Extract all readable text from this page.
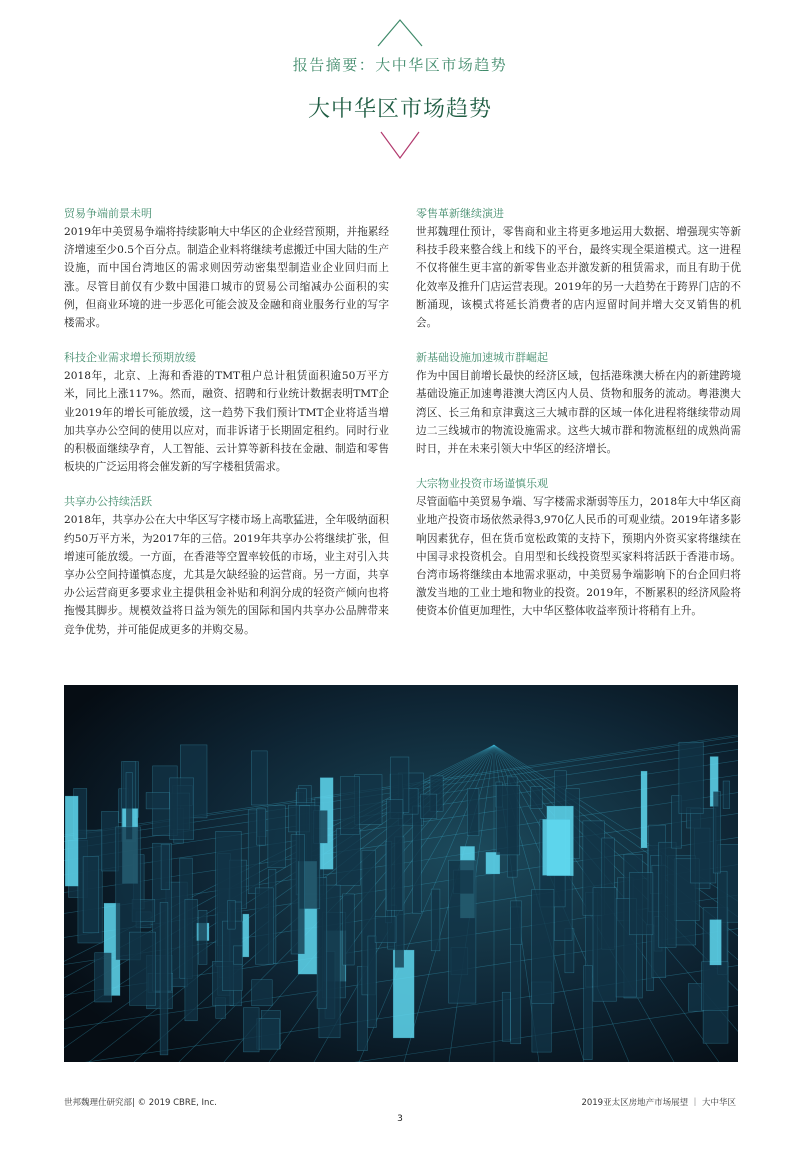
报告摘要：大中华区市场趋势
大中华区市场趋势
贸易争端前景未明
2019年中美贸易争端将持续影响大中华区的企业经营预期，并拖累经济增速至少0.5个百分点。制造企业料将继续考虑搬迁中国大陆的生产设施，而中国台湾地区的需求则因劳动密集型制造业企业回归而上涨。尽管目前仅有少数中国港口城市的贸易公司缩减办公面积的实例，但商业环境的进一步恶化可能会波及金融和商业服务行业的写字楼需求。
科技企业需求增长预期放缓
2018年，北京、上海和香港的TMT租户总计租赁面积逾50万平方米，同比上涨117%。然而，融资、招聘和行业统计数据表明TMT企业2019年的增长可能放缓，这一趋势下我们预计TMT企业将适当增加共享办公空间的使用以应对，而非诉诸于长期固定租约。同时行业的积极面继续孕育，人工智能、云计算等新科技在金融、制造和零售板块的广泛运用将会催发新的写字楼租赁需求。
共享办公持续活跃
2018年，共享办公在大中华区写字楼市场上高歌猛进，全年吸纳面积约50万平方米，为2017年的三倍。2019年共享办公将继续扩张，但增速可能放缓。一方面，在香港等空置率较低的市场，业主对引入共享办公空间持谨慎态度，尤其是欠缺经验的运营商。另一方面，共享办公运营商更多要求业主提供租金补贴和利润分成的轻资产倾向也将拖慢其脚步。规模效益将日益为领先的国际和国内共享办公品牌带来竞争优势，并可能促成更多的并购交易。
零售革新继续演进
世邦魏理仕预计，零售商和业主将更多地运用大数据、增强现实等新科技手段来整合线上和线下的平台，最终实现全渠道模式。这一进程不仅将催生更丰富的新零售业态并激发新的租赁需求，而且有助于优化效率及推升门店运营表现。2019年的另一大趋势在于跨界门店的不断涌现，该模式将延长消费者的店内逗留时间并增大交叉销售的机会。
新基础设施加速城市群崛起
作为中国目前增长最快的经济区域，包括港珠澳大桥在内的新建跨境基础设施正加速粤港澳大湾区内人员、货物和服务的流动。粤港澳大湾区、长三角和京津冀这三大城市群的区域一体化进程将继续带动周边二三线城市的物流设施需求。这些大城市群和物流枢纽的成熟尚需时日，并在未来引领大中华区的经济增长。
大宗物业投资市场谨慎乐观
尽管面临中美贸易争端、写字楼需求渐弱等压力，2018年大中华区商业地产投资市场依然录得3,970亿人民币的可观业绩。2019年诸多影响因素犹存，但在货币宽松政策的支持下，预期内外资买家将继续在中国寻求投资机会。自用型和长线投资型买家料将活跃于香港市场。台湾市场将继续由本地需求驱动，中美贸易争端影响下的台企回归将激发当地的工业土地和物业的投资。2019年，不断累积的经济风险将使资本价值更加理性，大中华区整体收益率预计将稍有上升。
世邦魏理仕研究部| © 2019 CBRE, Inc.	2019亚太区房地产市场展望 ｜ 大中华区
3
